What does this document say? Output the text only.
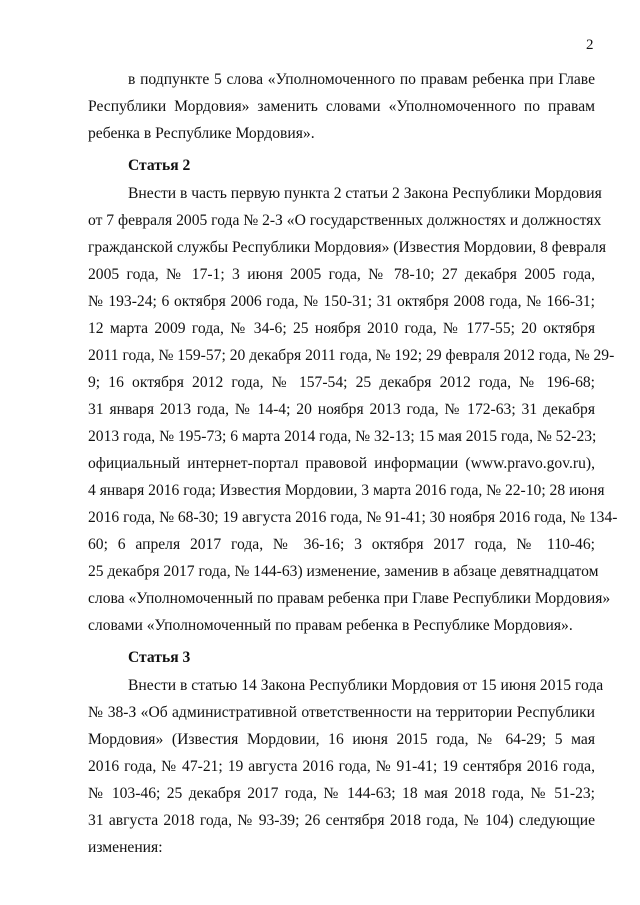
2
в подпункте 5 слова «Уполномоченного по правам ребенка при Главе
Республики Мордовия» заменить словами «Уполномоченного по правам
ребенка в Республике Мордовия».
Статья 2
Внести в часть первую пункта 2 статьи 2 Закона Республики Мордовия
от 7 февраля 2005 года № 2-З «О государственных должностях и должностях
гражданской службы Республики Мордовия» (Известия Мордовии, 8 февраля
2005 года, № 17-1; 3 июня 2005 года, № 78-10; 27 декабря 2005 года,
№ 193-24; 6 октября 2006 года, № 150-31; 31 октября 2008 года, № 166-31;
12 марта 2009 года, № 34-6; 25 ноября 2010 года, № 177-55; 20 октября
2011 года, № 159-57; 20 декабря 2011 года, № 192; 29 февраля 2012 года, № 29-
9; 16 октября 2012 года, № 157-54; 25 декабря 2012 года, № 196-68;
31 января 2013 года, № 14-4; 20 ноября 2013 года, № 172-63; 31 декабря
2013 года, № 195-73; 6 марта 2014 года, № 32-13; 15 мая 2015 года, № 52-23;
официальный интернет-портал правовой информации (www.pravo.gov.ru),
4 января 2016 года; Известия Мордовии, 3 марта 2016 года, № 22-10; 28 июня
2016 года, № 68-30; 19 августа 2016 года, № 91-41; 30 ноября 2016 года, № 134-
60; 6 апреля 2017 года, № 36-16; 3 октября 2017 года, № 110-46;
25 декабря 2017 года, № 144-63) изменение, заменив в абзаце девятнадцатом
слова «Уполномоченный по правам ребенка при Главе Республики Мордовия»
словами «Уполномоченный по правам ребенка в Республике Мордовия».
Статья 3
Внести в статью 14 Закона Республики Мордовия от 15 июня 2015 года
№ 38-З «Об административной ответственности на территории Республики
Мордовия» (Известия Мордовии, 16 июня 2015 года, № 64-29; 5 мая
2016 года, № 47-21; 19 августа 2016 года, № 91-41; 19 сентября 2016 года,
№ 103-46; 25 декабря 2017 года, № 144-63; 18 мая 2018 года, № 51-23;
31 августа 2018 года, № 93-39; 26 сентября 2018 года, № 104) следующие
изменения:
